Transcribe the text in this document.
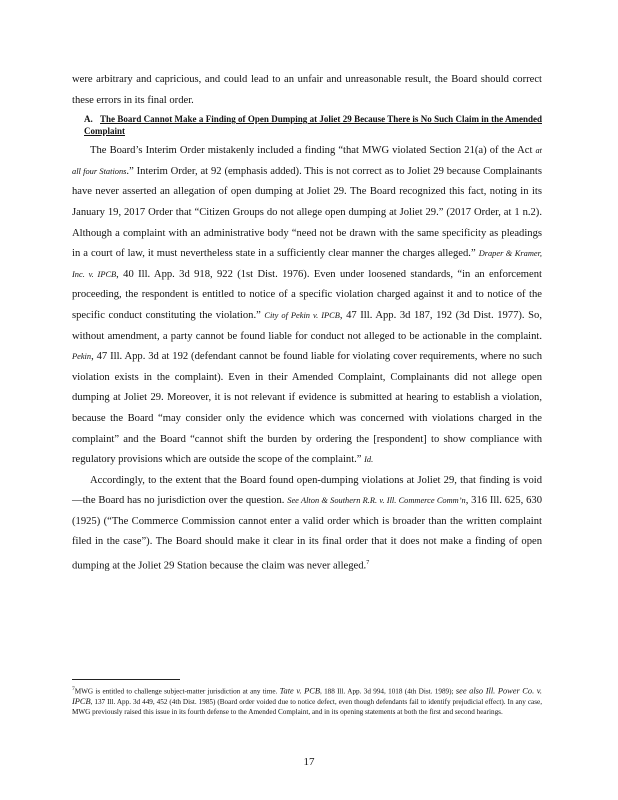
were arbitrary and capricious, and could lead to an unfair and unreasonable result, the Board should correct these errors in its final order.

A. The Board Cannot Make a Finding of Open Dumping at Joliet 29 Because There is No Such Claim in the Amended Complaint

The Board’s Interim Order mistakenly included a finding “that MWG violated Section 21(a) of the Act at all four Stations.” Interim Order, at 92 (emphasis added). This is not correct as to Joliet 29 because Complainants have never asserted an allegation of open dumping at Joliet 29. The Board recognized this fact, noting in its January 19, 2017 Order that “Citizen Groups do not allege open dumping at Joliet 29.” (2017 Order, at 1 n.2). Although a complaint with an administrative body “need not be drawn with the same specificity as pleadings in a court of law, it must nevertheless state in a sufficiently clear manner the charges alleged.” Draper & Kramer, Inc. v. IPCB, 40 Ill. App. 3d 918, 922 (1st Dist. 1976). Even under loosened standards, “in an enforcement proceeding, the respondent is entitled to notice of a specific violation charged against it and to notice of the specific conduct constituting the violation.” City of Pekin v. IPCB, 47 Ill. App. 3d 187, 192 (3d Dist. 1977). So, without amendment, a party cannot be found liable for conduct not alleged to be actionable in the complaint. Pekin, 47 Ill. App. 3d at 192 (defendant cannot be found liable for violating cover requirements, where no such violation exists in the complaint). Even in their Amended Complaint, Complainants did not allege open dumping at Joliet 29. Moreover, it is not relevant if evidence is submitted at hearing to establish a violation, because the Board “may consider only the evidence which was concerned with violations charged in the complaint” and the Board “cannot shift the burden by ordering the [respondent] to show compliance with regulatory provisions which are outside the scope of the complaint.” Id.

Accordingly, to the extent that the Board found open-dumping violations at Joliet 29, that finding is void—the Board has no jurisdiction over the question. See Alton & Southern R.R. v. Ill. Commerce Comm’n, 316 Ill. 625, 630 (1925) (“The Commerce Commission cannot enter a valid order which is broader than the written complaint filed in the case”). The Board should make it clear in its final order that it does not make a finding of open dumping at the Joliet 29 Station because the claim was never alleged.$^7$

$^7$MWG is entitled to challenge subject-matter jurisdiction at any time. Tate v. PCB, 188 Ill. App. 3d 994, 1018 (4th Dist. 1989); see also Ill. Power Co. v. IPCB, 137 Ill. App. 3d 449, 452 (4th Dist. 1985) (Board order voided due to notice defect, even though defendants fail to identify prejudicial effect). In any case, MWG previously raised this issue in its fourth defense to the Amended Complaint, and in its opening statements at both the first and second hearings.
17
